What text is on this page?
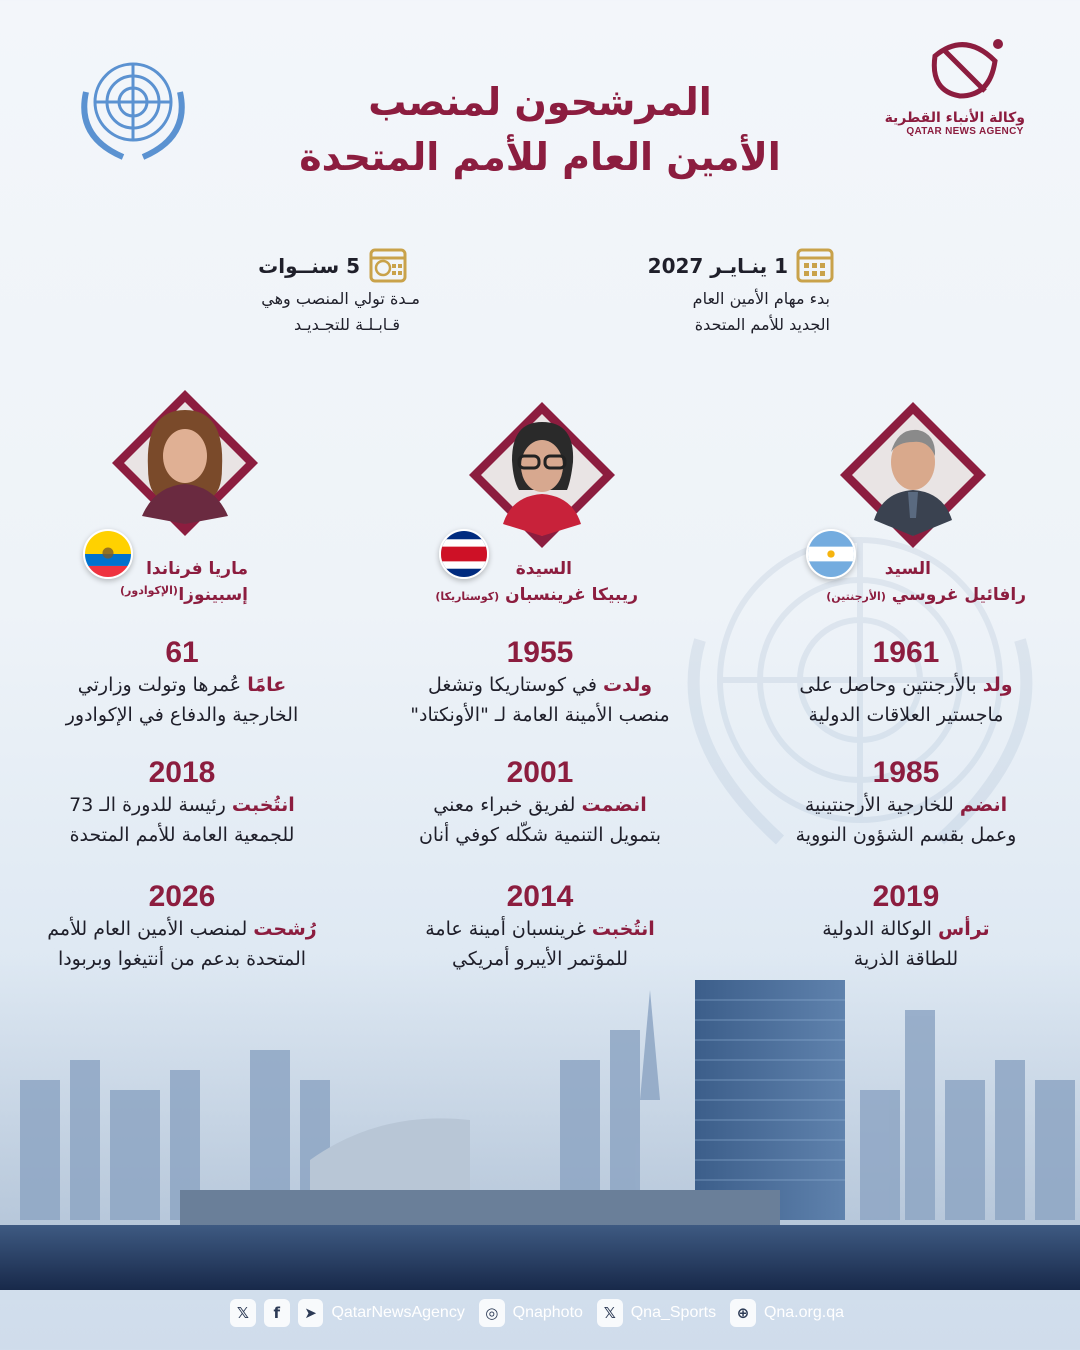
وكالة الأنباء القطرية
QATAR NEWS AGENCY
المرشحون لمنصب
الأمين العام للأمم المتحدة
5 سنــوات
مـدة تولي المنصب وهي
قـابـلـة للتجـديـد
1 ينـايـر 2027
بدء مهام الأمين العام
الجديد للأمم المتحدة
السيد
رافائيل غروسي (الأرجنتين)
السيدة
ريبيكا غرينسبان (كوستاريكا)
ماريا فرناندا
إسبينوزا
(الإكوادور)
1961
ولد بالأرجنتين وحاصل على
ماجستير العلاقات الدولية
1985
انضم للخارجية الأرجنتينية
وعمل بقسم الشؤون النووية
2019
ترأس الوكالة الدولية
للطاقة الذرية
1955
ولدت في كوستاريكا وتشغل
منصب الأمينة العامة لـ "الأونكتاد"
2001
انضمت لفريق خبراء معني
بتمويل التنمية شكّله كوفي أنان
2014
انتُخبت غرينسبان أمينة عامة
للمؤتمر الأيبرو أمريكي
61
عامًا عُمرها وتولت وزارتي
الخارجية والدفاع في الإكوادور
2018
انتُخبت رئيسة للدورة الـ 73
للجمعية العامة للأمم المتحدة
2026
رُشحت لمنصب الأمين العام للأمم
المتحدة بدعم من أنتيغوا وبربودا
𝕏	f	➤ QatarNewsAgency	◎ Qnaphoto	𝕏 Qna_Sports	⊕ Qna.org.qa
